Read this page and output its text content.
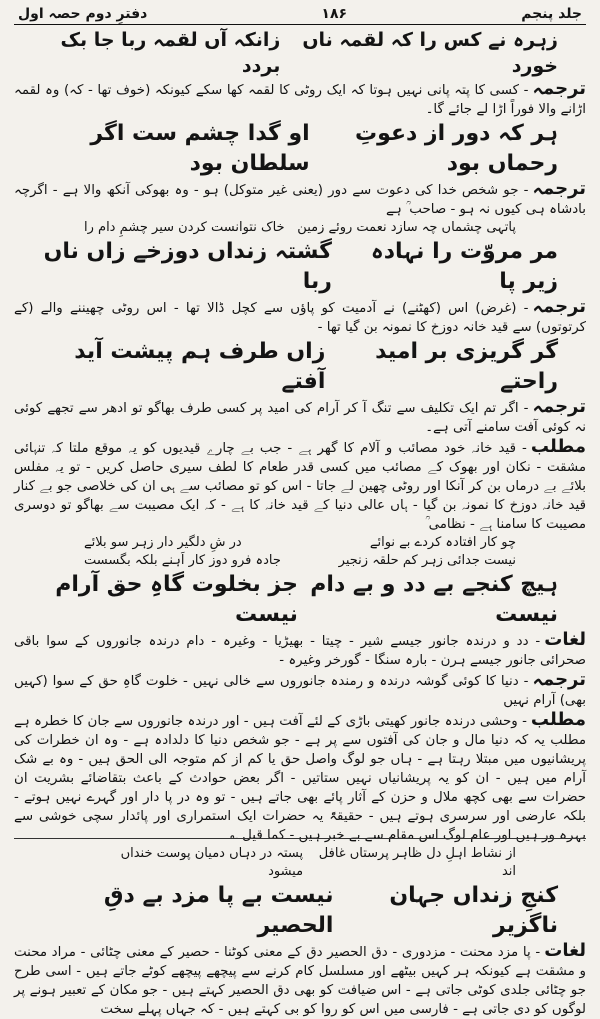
جلد پنجم
۱۸۶
دفترِ دوم حصہ اول
زہرہ نے کس را کہ لقمہ ناں خورد
زانکہ آں لقمہ ربا جا بک بردد

ترجمہ- کسی کا پتہ پانی نہیں ہوتا کہ ایک روٹی کا لقمہ کھا سکے کیونکہ (خوف تھا - کہ) وہ لقمہ اڑانے والا فوراً اڑا لے جائے گا۔

ہر کہ دور از دعوتِ رحماں بود
او گدا چشم ست اگر سلطان بود

ترجمہ- جو شخص خدا کی دعوت سے دور (یعنی غیر متوکل) ہو - وہ بھوکی آنکھ والا ہے - اگرچہ بادشاہ ہی کیوں نہ ہو - صاحب ؒ ہے

پاتہی چشماں چہ سازد نعمت روئے زمین
خاک نتوانست کردن سیر چشمِ دام را
مر مروّت را نہادہ زیر پا
گشتہ زنداں دوزخے زاں ناں ربا

ترجمہ- (غرض) اس (کھٹنے) نے آدمیت کو پاؤں سے کچل ڈالا تھا - اس روٹی چھیننے والے (کے کرتوتوں) سے قید خانہ دوزخ کا نمونہ بن گیا تھا -

گر گریزی بر امید راحتے
زاں طرف ہم پیشت آید آفتے

ترجمہ- اگر تم ایک تکلیف سے تنگ آ کر آرام کی امید پر کسی طرف بھاگو تو ادھر سے تجھے کوئی نہ کوئی آفت سامنے آتی ہے۔

مطلب- قید خانہ خود مصائب و آلام کا گھر ہے - جب بے چارے قیدیوں کو یہ موقع ملتا کہ تنہائی مشقت - نکان اور بھوک کے مصائب میں کسی قدر طعام کا لطف سیری حاصل کریں - تو یہ مفلس بلائے بے درماں بن کر آنکا اور روٹی چھین لے جاتا - اس کو تو مصائب سے ہی ان کی خلاصی جو بے کنار قید خانہ دوزخ کا نمونہ بن گیا - ہاں عالی دنیا کے قید خانہ کا ہے - کہ ایک مصیبت سے بھاگو تو دوسری مصیبت کا سامنا ہے - نظامی ؒ

چو کار افتادہ کردے بے نوائے
در شِ دلگیر دار زہر سو بلائے
نیست جدائی زہر کم حلقہ زنجیر
جادہ فرو دوز کار اَہنے بلکہ بگسست
ہیچ کنجے بے دد و بے دام نیست
جز بخلوت گاہِ حق آرام نیست

لغات- دد و درندہ جانور جیسے شیر - چیتا - بھیڑیا - وغیرہ - دام درندہ جانوروں کے سوا باقی صحرائی جانور جیسے ہرن - بارہ سنگا - گورخر وغیرہ -

ترجمہ- دنیا کا کوئی گوشہ درندہ و رمندہ جانوروں سے خالی نہیں - خلوت گاہِ حق کے سوا (کہیں بھی) آرام نہیں

مطلب- وحشی درندہ جانور کھیتی باڑی کے لئے آفت ہیں - اور درندہ جانوروں سے جان کا خطرہ ہے مطلب یہ کہ دنیا مال و جان کی آفتوں سے پر ہے - جو شخص دنیا کا دلدادہ ہے - وہ ان خطرات کی پریشانیوں میں مبتلا رہتا ہے - ہاں جو لوگ واصل حق یا کم از کم متوجہ الی الحق ہیں - وہ بے شک آرام میں ہیں - ان کو یہ پریشانیاں نہیں ستاتیں - اگر بعض حوادث کے باعث بتقاضائے بشریت ان حضرات سے بھی کچھ ملال و حزن کے آثار پائے بھی جاتے ہیں - تو وہ در پا دار اور گہرے نہیں ہوتے - بلکہ عارضی اور سرسری ہوتے ہیں - حقیقۃً یہ حضرات ایک استمراری اور پائدار سچی خوشی سے بہرہ ور ہیں اور عام لوگ اس مقام سے بے خبر ہیں - کما قیل ؎

از نشاط اہلِ دل ظاہر پرستاں غافل اند
پستہ در دہاں دمیان پوست خنداں میشود
کنجِ زنداں جہان ناگزیر
نیست بے پا مزد بے دقِ الحصیر

لغات- پا مزد محنت - مزدوری - دق الحصیر دق کے معنی کوٹنا - حصیر کے معنی چٹائی - مراد محنت و مشقت ہے کیونکہ ہر کہیں بیٹھے اور مسلسل کام کرنے سے پیچھے پیچھے کوٹے جاتے ہیں - اسی طرح جو چٹائی جلدی کوٹی جاتی ہے - اس ضیافت کو بھی دق الحصیر کہتے ہیں - جو مکان کے تعبیر ہونے پر لوگوں کو دی جاتی ہے - فارسی میں اس کو روا کو بی کہتے ہیں - کہ جہاں پہلے سخت
